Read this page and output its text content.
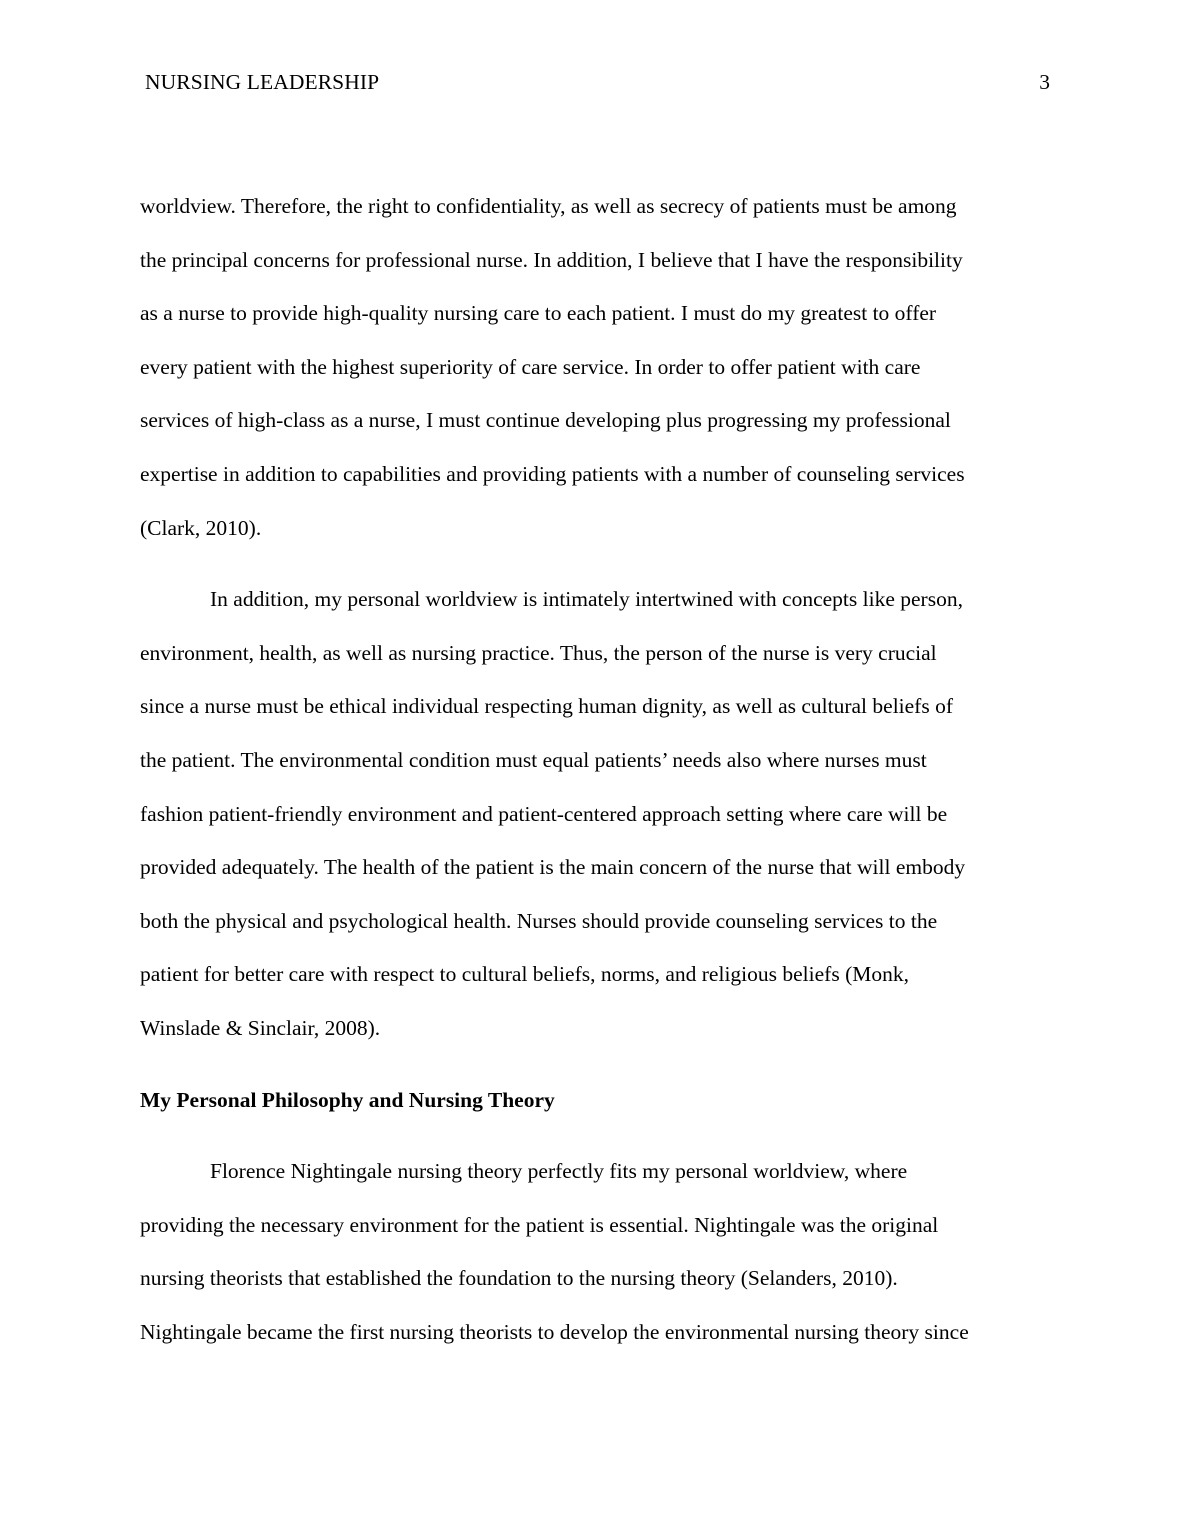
NURSING LEADERSHIP	3
worldview. Therefore, the right to confidentiality, as well as secrecy of patients must be among
the principal concerns for professional nurse. In addition, I believe that I have the responsibility
as a nurse to provide high-quality nursing care to each patient. I must do my greatest to offer
every patient with the highest superiority of care service. In order to offer patient with care
services of high-class as a nurse, I must continue developing plus progressing my professional
expertise in addition to capabilities and providing patients with a number of counseling services
(Clark, 2010).
In addition, my personal worldview is intimately intertwined with concepts like person,
environment, health, as well as nursing practice. Thus, the person of the nurse is very crucial
since a nurse must be ethical individual respecting human dignity, as well as cultural beliefs of
the patient. The environmental condition must equal patients’ needs also where nurses must
fashion patient-friendly environment and patient-centered approach setting where care will be
provided adequately. The health of the patient is the main concern of the nurse that will embody
both the physical and psychological health. Nurses should provide counseling services to the
patient for better care with respect to cultural beliefs, norms, and religious beliefs (Monk,
Winslade & Sinclair, 2008).
My Personal Philosophy and Nursing Theory
Florence Nightingale nursing theory perfectly fits my personal worldview, where
providing the necessary environment for the patient is essential. Nightingale was the original
nursing theorists that established the foundation to the nursing theory (Selanders, 2010).
Nightingale became the first nursing theorists to develop the environmental nursing theory since
